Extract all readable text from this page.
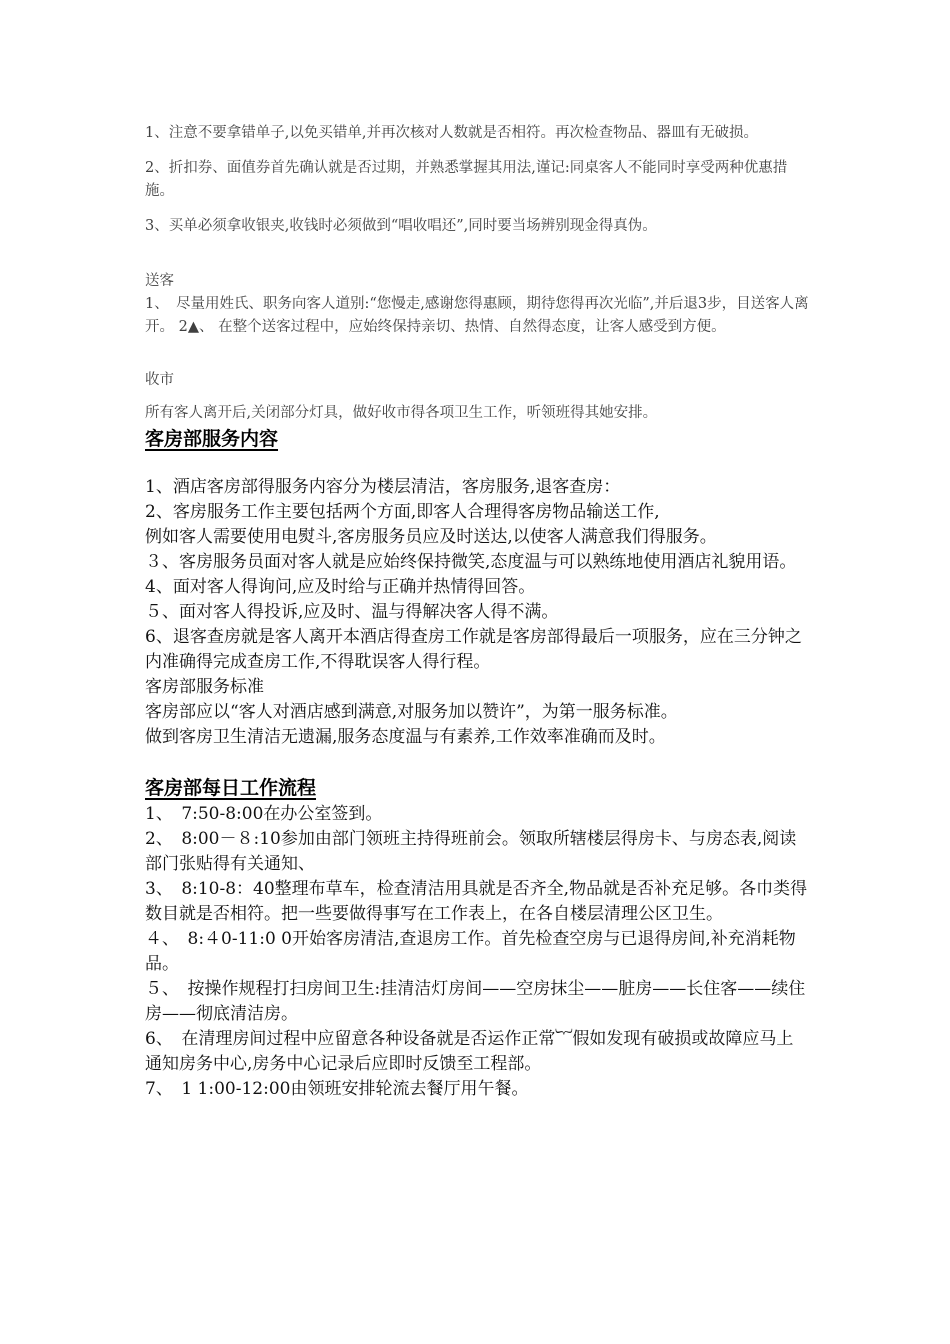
1、注意不要拿错单子,以免买错单,并再次核对人数就是否相符。再次检查物品、器皿有无破损。

2、折扣券、面值券首先确认就是否过期，并熟悉掌握其用法,谨记:同桌客人不能同时享受两种优惠措施。

3、买单必须拿收银夹,收钱时必须做到“唱收唱还”,同时要当场辨别现金得真伪。

送客

1、　尽量用姓氏、职务向客人道别:“您慢走,感谢您得惠顾，期待您得再次光临”,并后退3步，目送客人离开。 2▲、 在整个送客过程中，应始终保持亲切、热情、自然得态度，让客人感受到方便。

收市

所有客人离开后,关闭部分灯具，做好收市得各项卫生工作，听领班得其她安排。

客房部服务内容

1、酒店客房部得服务内容分为楼层清洁，客房服务,退客查房：

2、客房服务工作主要包括两个方面,即客人合理得客房物品输送工作,

例如客人需要使用电熨斗,客房服务员应及时送达,以使客人满意我们得服务。

３、客房服务员面对客人就是应始终保持微笑,态度温与可以熟练地使用酒店礼貌用语。

4、面对客人得询问,应及时给与正确并热情得回答。

５、面对客人得投诉,应及时、温与得解决客人得不满。

6、退客查房就是客人离开本酒店得查房工作就是客房部得最后一项服务，应在三分钟之内准确得完成查房工作,不得耽误客人得行程。

客房部服务标准

客房部应以“客人对酒店感到满意,对服务加以赞许”，为第一服务标准。

做到客房卫生清洁无遗漏,服务态度温与有素养,工作效率准确而及时。

客房部每日工作流程

1、　7:50-8:00在办公室签到。

2、　8:00－８:10参加由部门领班主持得班前会。领取所辖楼层得房卡、与房态表,阅读部门张贴得有关通知、

3、　8:10-8：40整理布草车，检查清洁用具就是否齐全,物品就是否补充足够。各巾类得数目就是否相符。把一些要做得事写在工作表上，在各自楼层清理公区卫生。

４、　8:４0-11:0 0开始客房清洁,查退房工作。首先检查空房与已退得房间,补充消耗物品。

５、　按操作规程打扫房间卫生:挂清洁灯房间——空房抹尘——脏房——长住客——续住房——彻底清洁房。

6、　在清理房间过程中应留意各种设备就是否运作正常︸假如发现有破损或故障应马上通知房务中心,房务中心记录后应即时反馈至工程部。

7、　1 1:00-12:00由领班安排轮流去餐厅用午餐。
